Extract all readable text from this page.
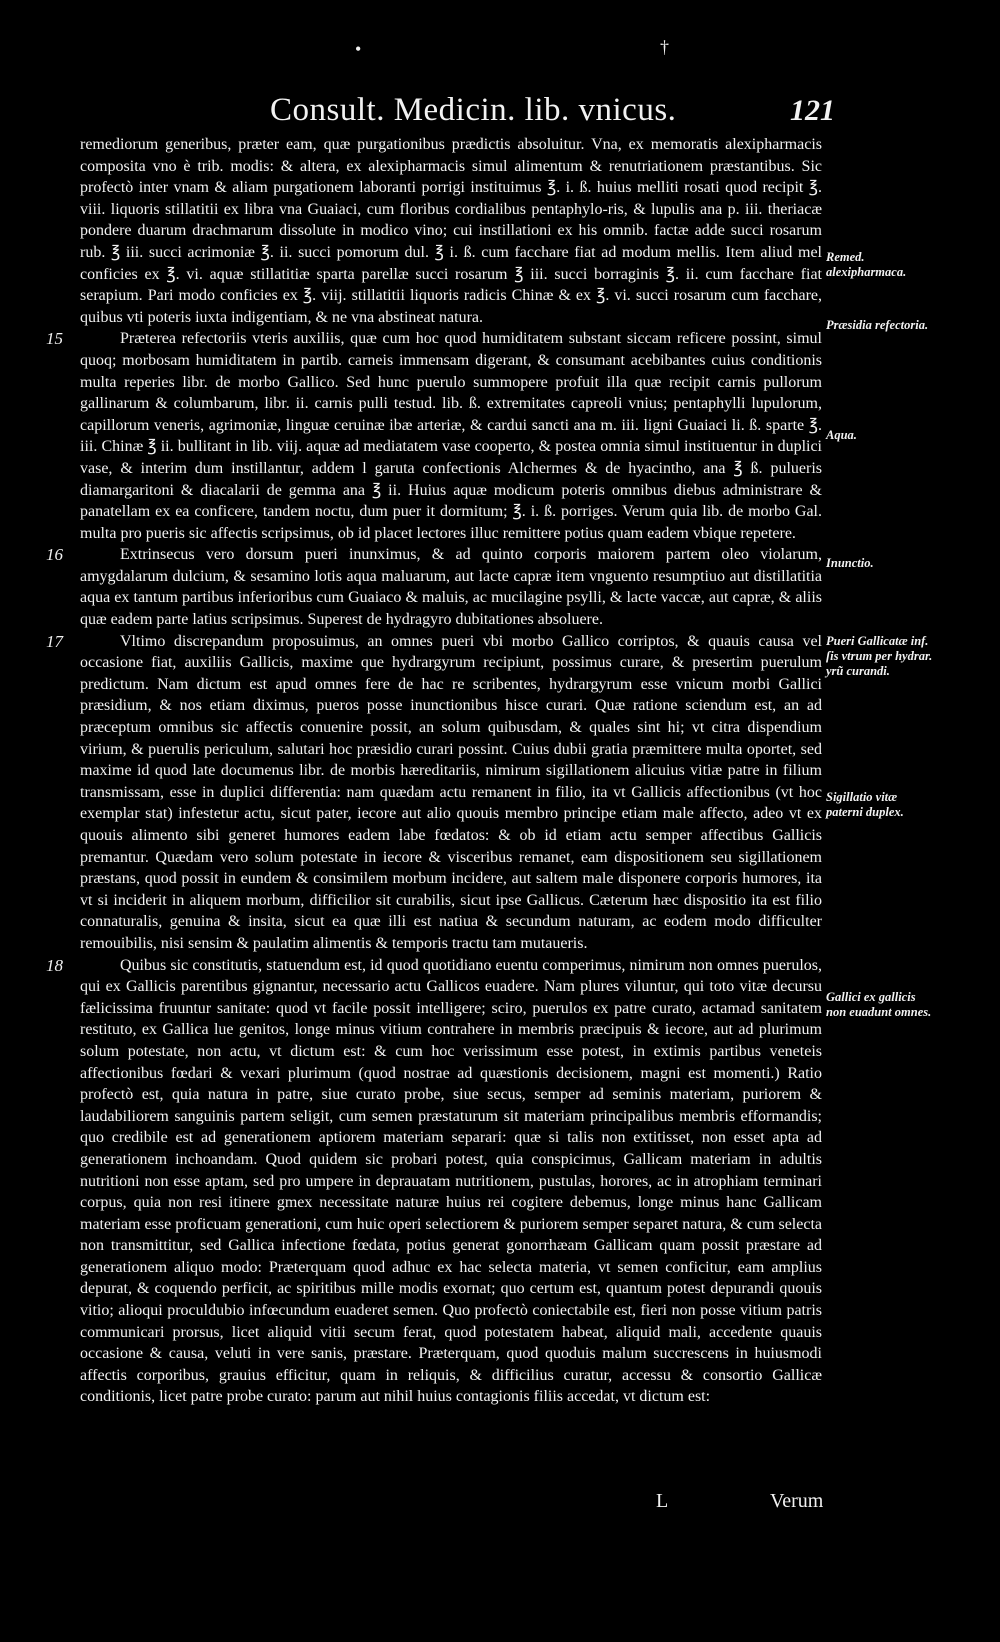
•	†
Consult. Medicin. lib. vnicus.	121

remediorum generibus, præter eam, quæ purgationibus prædictis absoluitur. Vna, ex memoratis alexipharmacis composita vno è trib. modis: & altera, ex alexipharmacis simul alimentum & renutriationem præstantibus. Sic profectò inter vnam & aliam purgationem laboranti porrigi instituimus ℥. i. ß. huius melliti rosati quod recipit ℥. viii. liquoris stillatitii ex libra vna Guaiaci, cum floribus cordialibus pentaphylo-ris, & lupulis ana p. iii. theriacæ pondere duarum drachmarum dissolute in modico vino; cui instillationi ex his omnib. factæ adde succi rosarum rub. ℥ iii. succi acrimoniæ ℥. ii. succi pomorum dul. ℥ i. ß. cum facchare fiat ad modum mellis. Item aliud mel conficies ex ℥. vi. aquæ stillatitiæ sparta parellæ succi rosarum ℥ iii. succi borraginis ℥. ii. cum facchare fiat serapium. Pari modo conficies ex ℥. viij. stillatitii liquoris radicis Chinæ & ex ℥. vi. succi rosarum cum facchare, quibus vti poteris iuxta indigentiam, & ne vna abstineat natura.

15	Præterea refectoriis vteris auxiliis, quæ cum hoc quod humiditatem substant siccam reficere possint, simul quoq; morbosam humiditatem in partib. carneis immensam digerant, & consumant acebibantes cuius conditionis multa reperies libr. de morbo Gallico. Sed hunc puerulo summopere profuit illa quæ recipit carnis pullorum gallinarum & columbarum, libr. ii. carnis pulli testud. lib. ß. extremitates capreoli vnius; pentaphylli lupulorum, capillorum veneris, agrimoniæ, linguæ ceruinæ ibæ arteriæ, & cardui sancti ana m. iii. ligni Guaiaci li. ß. sparte ℥. iii. Chinæ ℥ ii. bullitant in lib. viij. aquæ ad mediatatem vase cooperto, & postea omnia simul instituentur in duplici vase, & interim dum instillantur, addem l garuta confectionis Alchermes & de hyacintho, ana ℥ ß. pulueris diamargaritoni & diacalarii de gemma ana ℥ ii. Huius aquæ modicum poteris omnibus diebus administrare & panatellam ex ea conficere, tandem noctu, dum puer it dormitum; ℥. i. ß. porriges. Verum quia lib. de morbo Gal. multa pro pueris sic affectis scripsimus, ob id placet lectores illuc remittere potius quam eadem vbique repetere.

16	Extrinsecus vero dorsum pueri inunximus, & ad quinto corporis maiorem partem oleo violarum, amygdalarum dulcium, & sesamino lotis aqua maluarum, aut lacte capræ item vnguento resumptiuo aut distillatitia aqua ex tantum partibus inferioribus cum Guaiaco & maluis, ac mucilagine psylli, & lacte vaccæ, aut capræ, & aliis quæ eadem parte latius scripsimus. Superest de hydragyro dubitationes absoluere.

17	Vltimo discrepandum proposuimus, an omnes pueri vbi morbo Gallico corriptos, & quauis causa vel occasione fiat, auxiliis Gallicis, maxime que hydrargyrum recipiunt, possimus curare, & presertim puerulum predictum. Nam dictum est apud omnes fere de hac re scribentes, hydrargyrum esse vnicum morbi Gallici præsidium, & nos etiam diximus, pueros posse inunctionibus hisce curari. Quæ ratione sciendum est, an ad præceptum omnibus sic affectis conuenire possit, an solum quibusdam, & quales sint hi; vt citra dispendium virium, & puerulis periculum, salutari hoc præsidio curari possint. Cuius dubii gratia præmittere multa oportet, sed maxime id quod late documenus libr. de morbis hæreditariis, nimirum sigillationem alicuius vitiæ patre in filium transmissam, esse in duplici differentia: nam quædam actu remanent in filio, ita vt Gallicis affectionibus (vt hoc exemplar stat) infestetur actu, sicut pater, iecore aut alio quouis membro principe etiam male affecto, adeo vt ex quouis alimento sibi generet humores eadem labe fœdatos: & ob id etiam actu semper affectibus Gallicis premantur. Quædam vero solum potestate in iecore & visceribus remanet, eam dispositionem seu sigillationem præstans, quod possit in eundem & consimilem morbum incidere, aut saltem male disponere corporis humores, ita vt si inciderit in aliquem morbum, difficilior sit curabilis, sicut ipse Gallicus. Cæterum hæc dispositio ita est filio connaturalis, genuina & insita, sicut ea quæ illi est natiua & secundum naturam, ac eodem modo difficulter remouibilis, nisi sensim & paulatim alimentis & temporis tractu tam mutaueris.

18	Quibus sic constitutis, statuendum est, id quod quotidiano euentu comperimus, nimirum non omnes puerulos, qui ex Gallicis parentibus gignantur, necessario actu Gallicos euadere. Nam plures viluntur, qui toto vitæ decursu fælicissima fruuntur sanitate: quod vt facile possit intelligere; sciro, puerulos ex patre curato, actamad sanitatem restituto, ex Gallica lue genitos, longe minus vitium contrahere in membris præcipuis & iecore, aut ad plurimum solum potestate, non actu, vt dictum est: & cum hoc verissimum esse potest, in extimis partibus veneteis affectionibus fœdari & vexari plurimum (quod nostrae ad quæstionis decisionem, magni est momenti.) Ratio profectò est, quia natura in patre, siue curato probe, siue secus, semper ad seminis materiam, puriorem & laudabiliorem sanguinis partem seligit, cum semen præstaturum sit materiam principalibus membris efformandis; quo credibile est ad generationem aptiorem materiam separari: quæ si talis non extitisset, non esset apta ad generationem inchoandam. Quod quidem sic probari potest, quia conspicimus, Gallicam materiam in adultis nutritioni non esse aptam, sed pro umpere in deprauatam nutritionem, pustulas, horores, ac in atrophiam terminari corpus, quia non resi itinere gmex necessitate naturæ huius rei cogitere debemus, longe minus hanc Gallicam materiam esse proficuam generationi, cum huic operi selectiorem & puriorem semper separet natura, & cum selecta non transmittitur, sed Gallica infectione fœdata, potius generat gonorrhæam Gallicam quam possit præstare ad generationem aliquo modo: Præterquam quod adhuc ex hac selecta materia, vt semen conficitur, eam amplius depurat, & coquendo perficit, ac spiritibus mille modis exornat; quo certum est, quantum potest depurandi quouis vitio; alioqui proculdubio infœcundum euaderet semen. Quo profectò coniectabile est, fieri non posse vitium patris communicari prorsus, licet aliquid vitii secum ferat, quod potestatem habeat, aliquid mali, accedente quauis occasione & causa, veluti in vere sanis, præstare. Præterquam, quod quoduis malum succrescens in huiusmodi affectis corporibus, grauius efficitur, quam in reliquis, & difficilius curatur, accessu & consortio Gallicæ conditionis, licet patre probe curato: parum aut nihil huius contagionis filiis accedat, vt dictum est:

Remed. alexipharmaca.
Præsidia refectoria.
Aqua.
Inunctio.
Pueri Gallicatæ inf. ſis vtrum per hydrar. yrũ curandi.
Sigillatio vitæ paterni duplex.
Gallici ex gallicis non euadunt omnes.
L	Verum
